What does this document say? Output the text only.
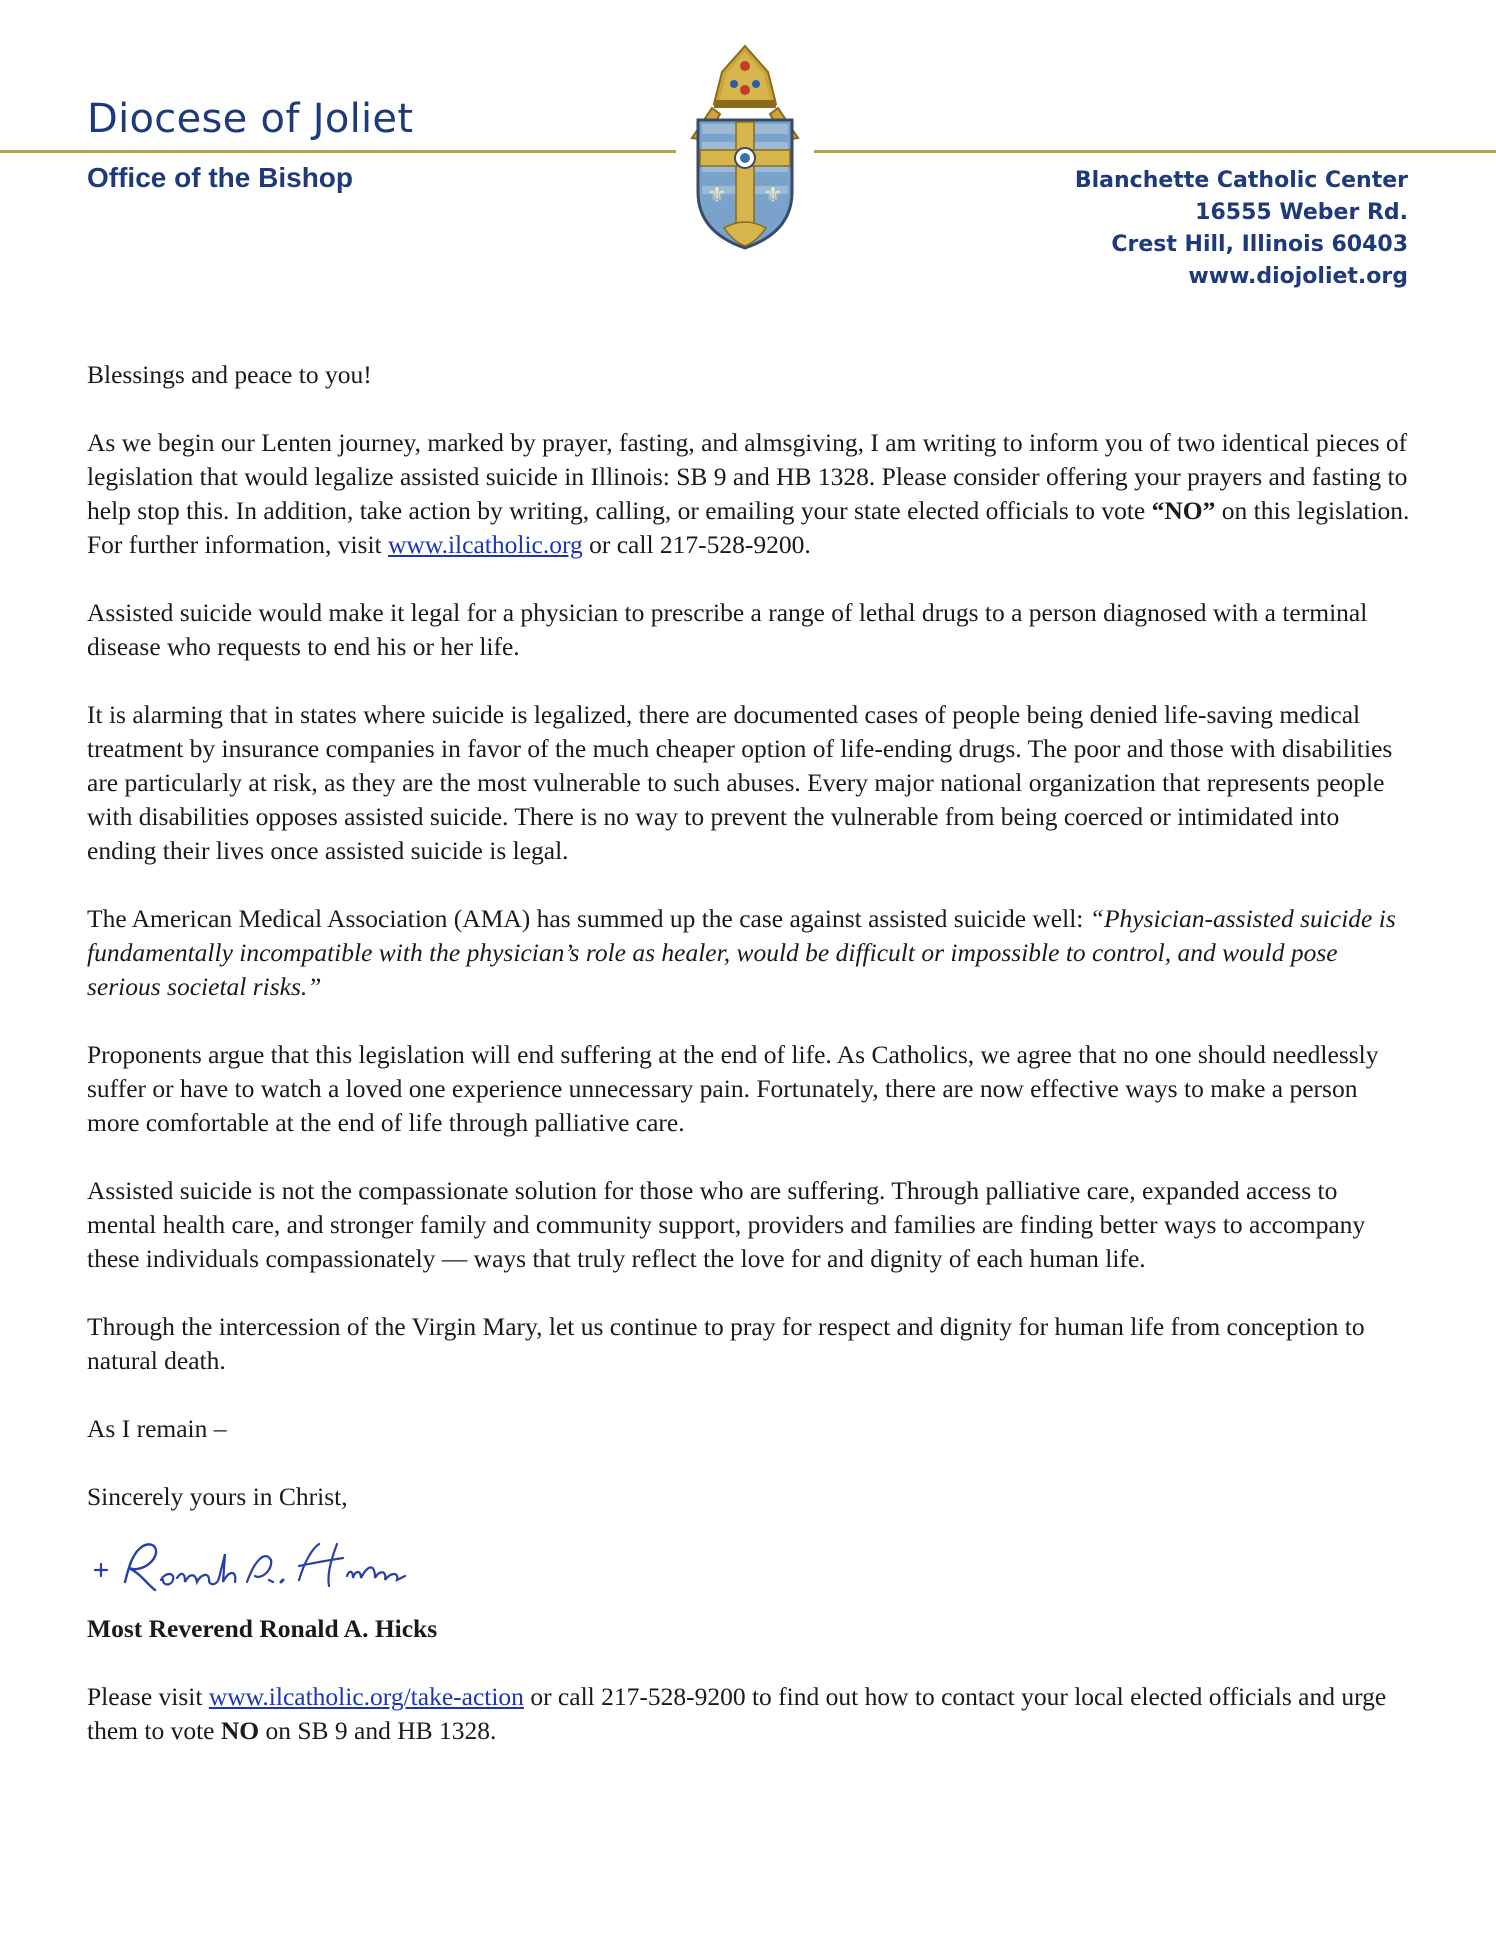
Diocese of Joliet
Office of the Bishop
⚜ ⚜
Blanchette Catholic Center
16555 Weber Rd.
Crest Hill, Illinois 60403
www.diojoliet.org

Blessings and peace to you!

As we begin our Lenten journey, marked by prayer, fasting, and almsgiving, I am writing to inform you of two identical pieces of legislation that would legalize assisted suicide in Illinois: SB 9 and HB 1328. Please consider offering your prayers and fasting to help stop this. In addition, take action by writing, calling, or emailing your state elected officials to vote “NO” on this legislation. For further information, visit www.ilcatholic.org or call 217-528-9200.

Assisted suicide would make it legal for a physician to prescribe a range of lethal drugs to a person diagnosed with a terminal disease who requests to end his or her life.

It is alarming that in states where suicide is legalized, there are documented cases of people being denied life-saving medical treatment by insurance companies in favor of the much cheaper option of life-ending drugs. The poor and those with disabilities are particularly at risk, as they are the most vulnerable to such abuses. Every major national organization that represents people with disabilities opposes assisted suicide. There is no way to prevent the vulnerable from being coerced or intimidated into ending their lives once assisted suicide is legal.

The American Medical Association (AMA) has summed up the case against assisted suicide well: “Physician-assisted suicide is fundamentally incompatible with the physician’s role as healer, would be difficult or impossible to control, and would pose serious societal risks.”

Proponents argue that this legislation will end suffering at the end of life. As Catholics, we agree that no one should needlessly suffer or have to watch a loved one experience unnecessary pain. Fortunately, there are now effective ways to make a person more comfortable at the end of life through palliative care.

Assisted suicide is not the compassionate solution for those who are suffering. Through palliative care, expanded access to mental health care, and stronger family and community support, providers and families are finding better ways to accompany these individuals compassionately — ways that truly reflect the love for and dignity of each human life.

Through the intercession of the Virgin Mary, let us continue to pray for respect and dignity for human life from conception to natural death.

As I remain –

Sincerely yours in Christ,

Most Reverend Ronald A. Hicks

Please visit www.ilcatholic.org/take-action or call 217-528-9200 to find out how to contact your local elected officials and urge them to vote NO on SB 9 and HB 1328.
